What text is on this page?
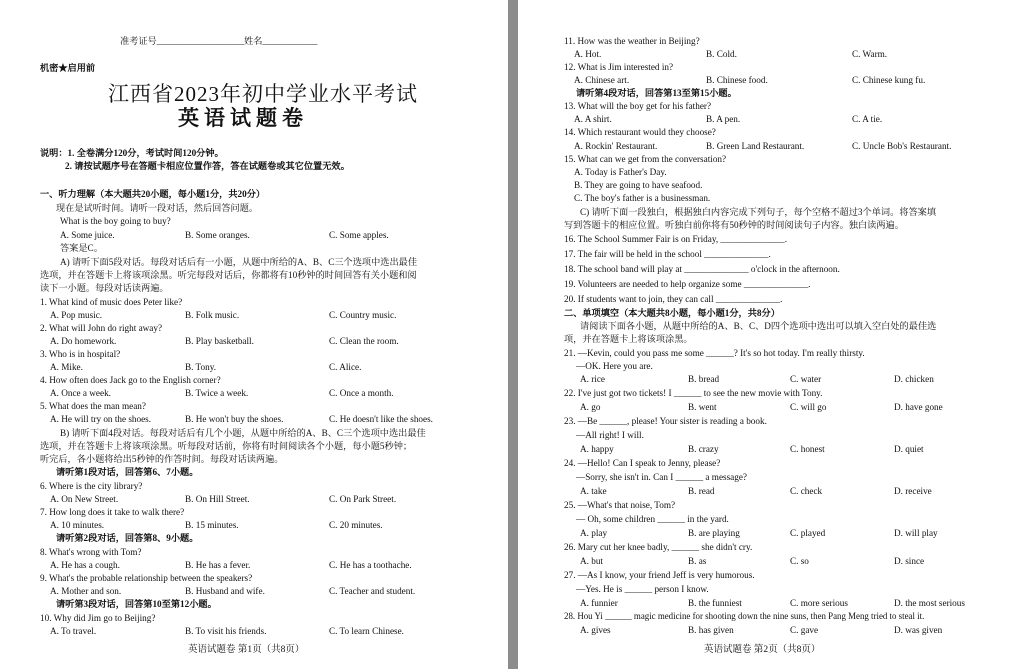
准考证号___________________姓名____________
机密★启用前
江西省2023年初中学业水平考试
英语试题卷
说明：1. 全卷满分120分，考试时间120分钟。
2. 请按试题序号在答题卡相应位置作答，答在试题卷或其它位置无效。
一、听力理解（本大题共20小题，每小题1分，共20分）
现在是试听时间。请听一段对话，然后回答问题。
What is the boy going to buy?
A. Some juice.	B. Some oranges.	C. Some apples.
答案是C。
A) 请听下面5段对话。每段对话后有一小题，从题中所给的A、B、C三个选项中选出最佳
选项，并在答题卡上将该项涂黑。听完每段对话后，你都将有10秒钟的时间回答有关小题和阅
读下一小题。每段对话读两遍。
1. What kind of music does Peter like?
A. Pop music.	B. Folk music.	C. Country music.
2. What will John do right away?
A. Do homework.	B. Play basketball.	C. Clean the room.
3. Who is in hospital?
A. Mike.	B. Tony.	C. Alice.
4. How often does Jack go to the English corner?
A. Once a week.	B. Twice a week.	C. Once a month.
5. What does the man mean?
A. He will try on the shoes.	B. He won't buy the shoes.	C. He doesn't like the shoes.
B) 请听下面4段对话。每段对话后有几个小题，从题中所给的A、B、C三个选项中选出最佳
选项，并在答题卡上将该项涂黑。听每段对话前，你将有时间阅读各个小题，每小题5秒钟；
听完后，各小题将给出5秒钟的作答时间。每段对话读两遍。
请听第1段对话，回答第6、7小题。
6. Where is the city library?
A. On New Street.	B. On Hill Street.	C. On Park Street.
7. How long does it take to walk there?
A. 10 minutes.	B. 15 minutes.	C. 20 minutes.
请听第2段对话，回答第8、9小题。
8. What's wrong with Tom?
A. He has a cough.	B. He has a fever.	C. He has a toothache.
9. What's the probable relationship between the speakers?
A. Mother and son.	B. Husband and wife.	C. Teacher and student.
请听第3段对话，回答第10至第12小题。
10. Why did Jim go to Beijing?
A. To travel.	B. To visit his friends.	C. To learn Chinese.
英语试题卷 第1页（共8页）
11. How was the weather in Beijing?
A. Hot.	B. Cold.	C. Warm.
12. What is Jim interested in?
A. Chinese art.	B. Chinese food.	C. Chinese kung fu.
请听第4段对话，回答第13至第15小题。
13. What will the boy get for his father?
A. A shirt.	B. A pen.	C. A tie.
14. Which restaurant would they choose?
A. Rockin' Restaurant.	B. Green Land Restaurant.	C. Uncle Bob's Restaurant.
15. What can we get from the conversation?
A. Today is Father's Day.
B. They are going to have seafood.
C. The boy's father is a businessman.
C) 请听下面一段独白，根据独白内容完成下列句子，每个空格不超过3个单词。将答案填
写到答题卡的相应位置。听独白前你将有50秒钟的时间阅读句子内容。独白读两遍。
16. The School Summer Fair is on Friday, ______________.
17. The fair will be held in the school ______________.
18. The school band will play at ______________ o'clock in the afternoon.
19. Volunteers are needed to help organize some ______________.
20. If students want to join, they can call ______________.
二、单项填空（本大题共8小题，每小题1分，共8分）
请阅读下面各小题，从题中所给的A、B、C、D四个选项中选出可以填入空白处的最佳选
项，并在答题卡上将该项涂黑。
21. —Kevin, could you pass me some ______? It's so hot today. I'm really thirsty.
—OK. Here you are.
A. rice	B. bread	C. water	D. chicken
22. I've just got two tickets! I ______ to see the new movie with Tony.
A. go	B. went	C. will go	D. have gone
23. —Be ______, please! Your sister is reading a book.
—All right! I will.
A. happy	B. crazy	C. honest	D. quiet
24. —Hello! Can I speak to Jenny, please?
—Sorry, she isn't in. Can I ______ a message?
A. take	B. read	C. check	D. receive
25. —What's that noise, Tom?
— Oh, some children ______ in the yard.
A. play	B. are playing	C. played	D. will play
26. Mary cut her knee badly, ______ she didn't cry.
A. but	B. as	C. so	D. since
27. —As I know, your friend Jeff is very humorous.
—Yes. He is ______ person I know.
A. funnier	B. the funniest	C. more serious	D. the most serious
28. Hou Yi ______ magic medicine for shooting down the nine suns, then Pang Meng tried to steal it.
A. gives	B. has given	C. gave	D. was given
英语试题卷 第2页（共8页）
